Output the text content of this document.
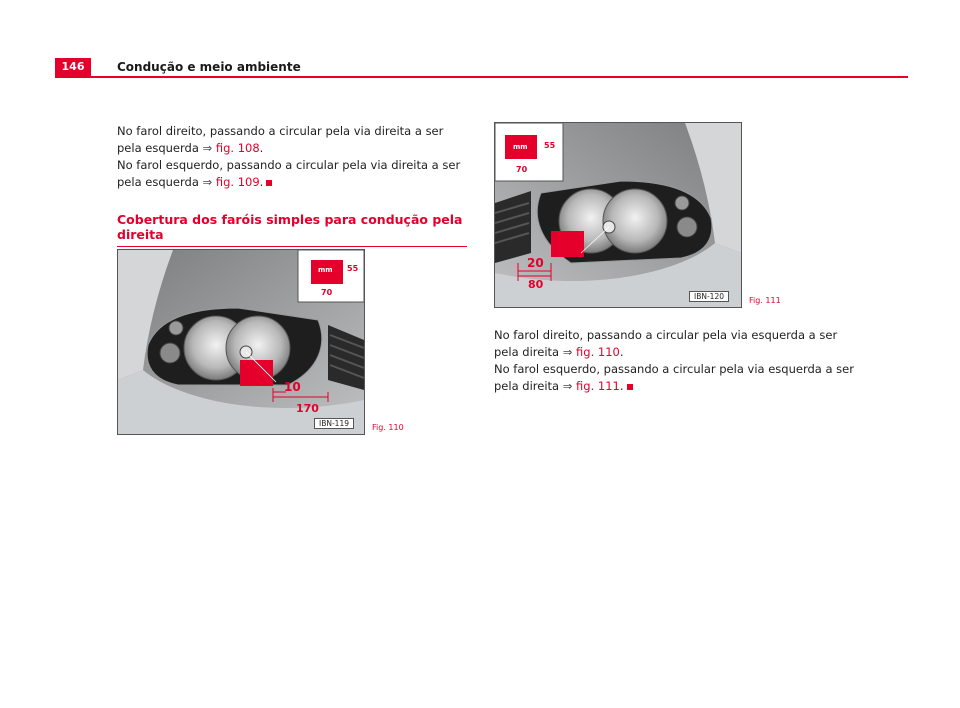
146	Condução e meio ambiente
No farol direito, passando a circular pela via direita a ser pela esquerda ⇒ fig. 108.
No farol esquerdo, passando a circular pela via direita a ser pela esquerda ⇒ fig. 109.
Cobertura dos faróis simples para condução pela direita
mm 55
70
10
170
IBN-119	Fig. 110
mm 55
70
20
80
IBN-120	Fig. 111
No farol direito, passando a circular pela via esquerda a ser pela direita ⇒ fig. 110.
No farol esquerdo, passando a circular pela via esquerda a ser pela direita ⇒ fig. 111.
